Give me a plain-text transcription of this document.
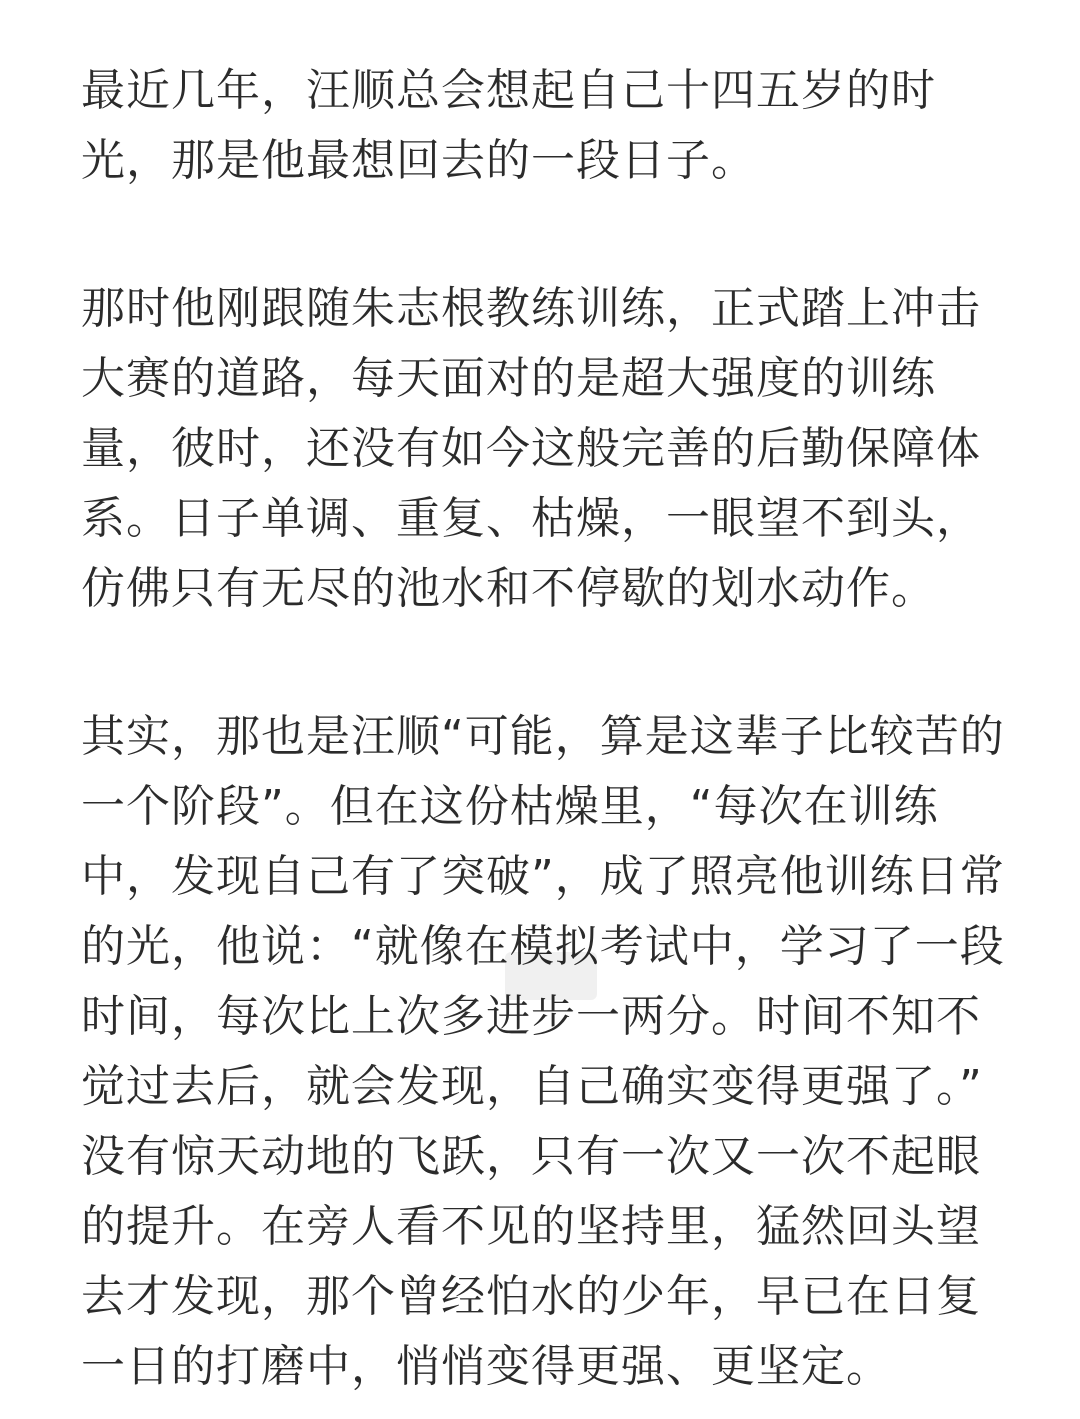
最近几年，汪顺总会想起自己十四五岁的时
光，那是他最想回去的一段日子。

那时他刚跟随朱志根教练训练，正式踏上冲击
大赛的道路，每天面对的是超大强度的训练
量，彼时，还没有如今这般完善的后勤保障体
系。日子单调、重复、枯燥，一眼望不到头，
仿佛只有无尽的池水和不停歇的划水动作。

其实，那也是汪顺“可能，算是这辈子比较苦的
一个阶段”。但在这份枯燥里，“每次在训练
中，发现自己有了突破”，成了照亮他训练日常
的光，他说：“就像在模拟考试中，学习了一段
时间，每次比上次多进步一两分。时间不知不
觉过去后，就会发现，自己确实变得更强了。”
没有惊天动地的飞跃，只有一次又一次不起眼
的提升。在旁人看不见的坚持里，猛然回头望
去才发现，那个曾经怕水的少年，早已在日复
一日的打磨中，悄悄变得更强、更坚定。
